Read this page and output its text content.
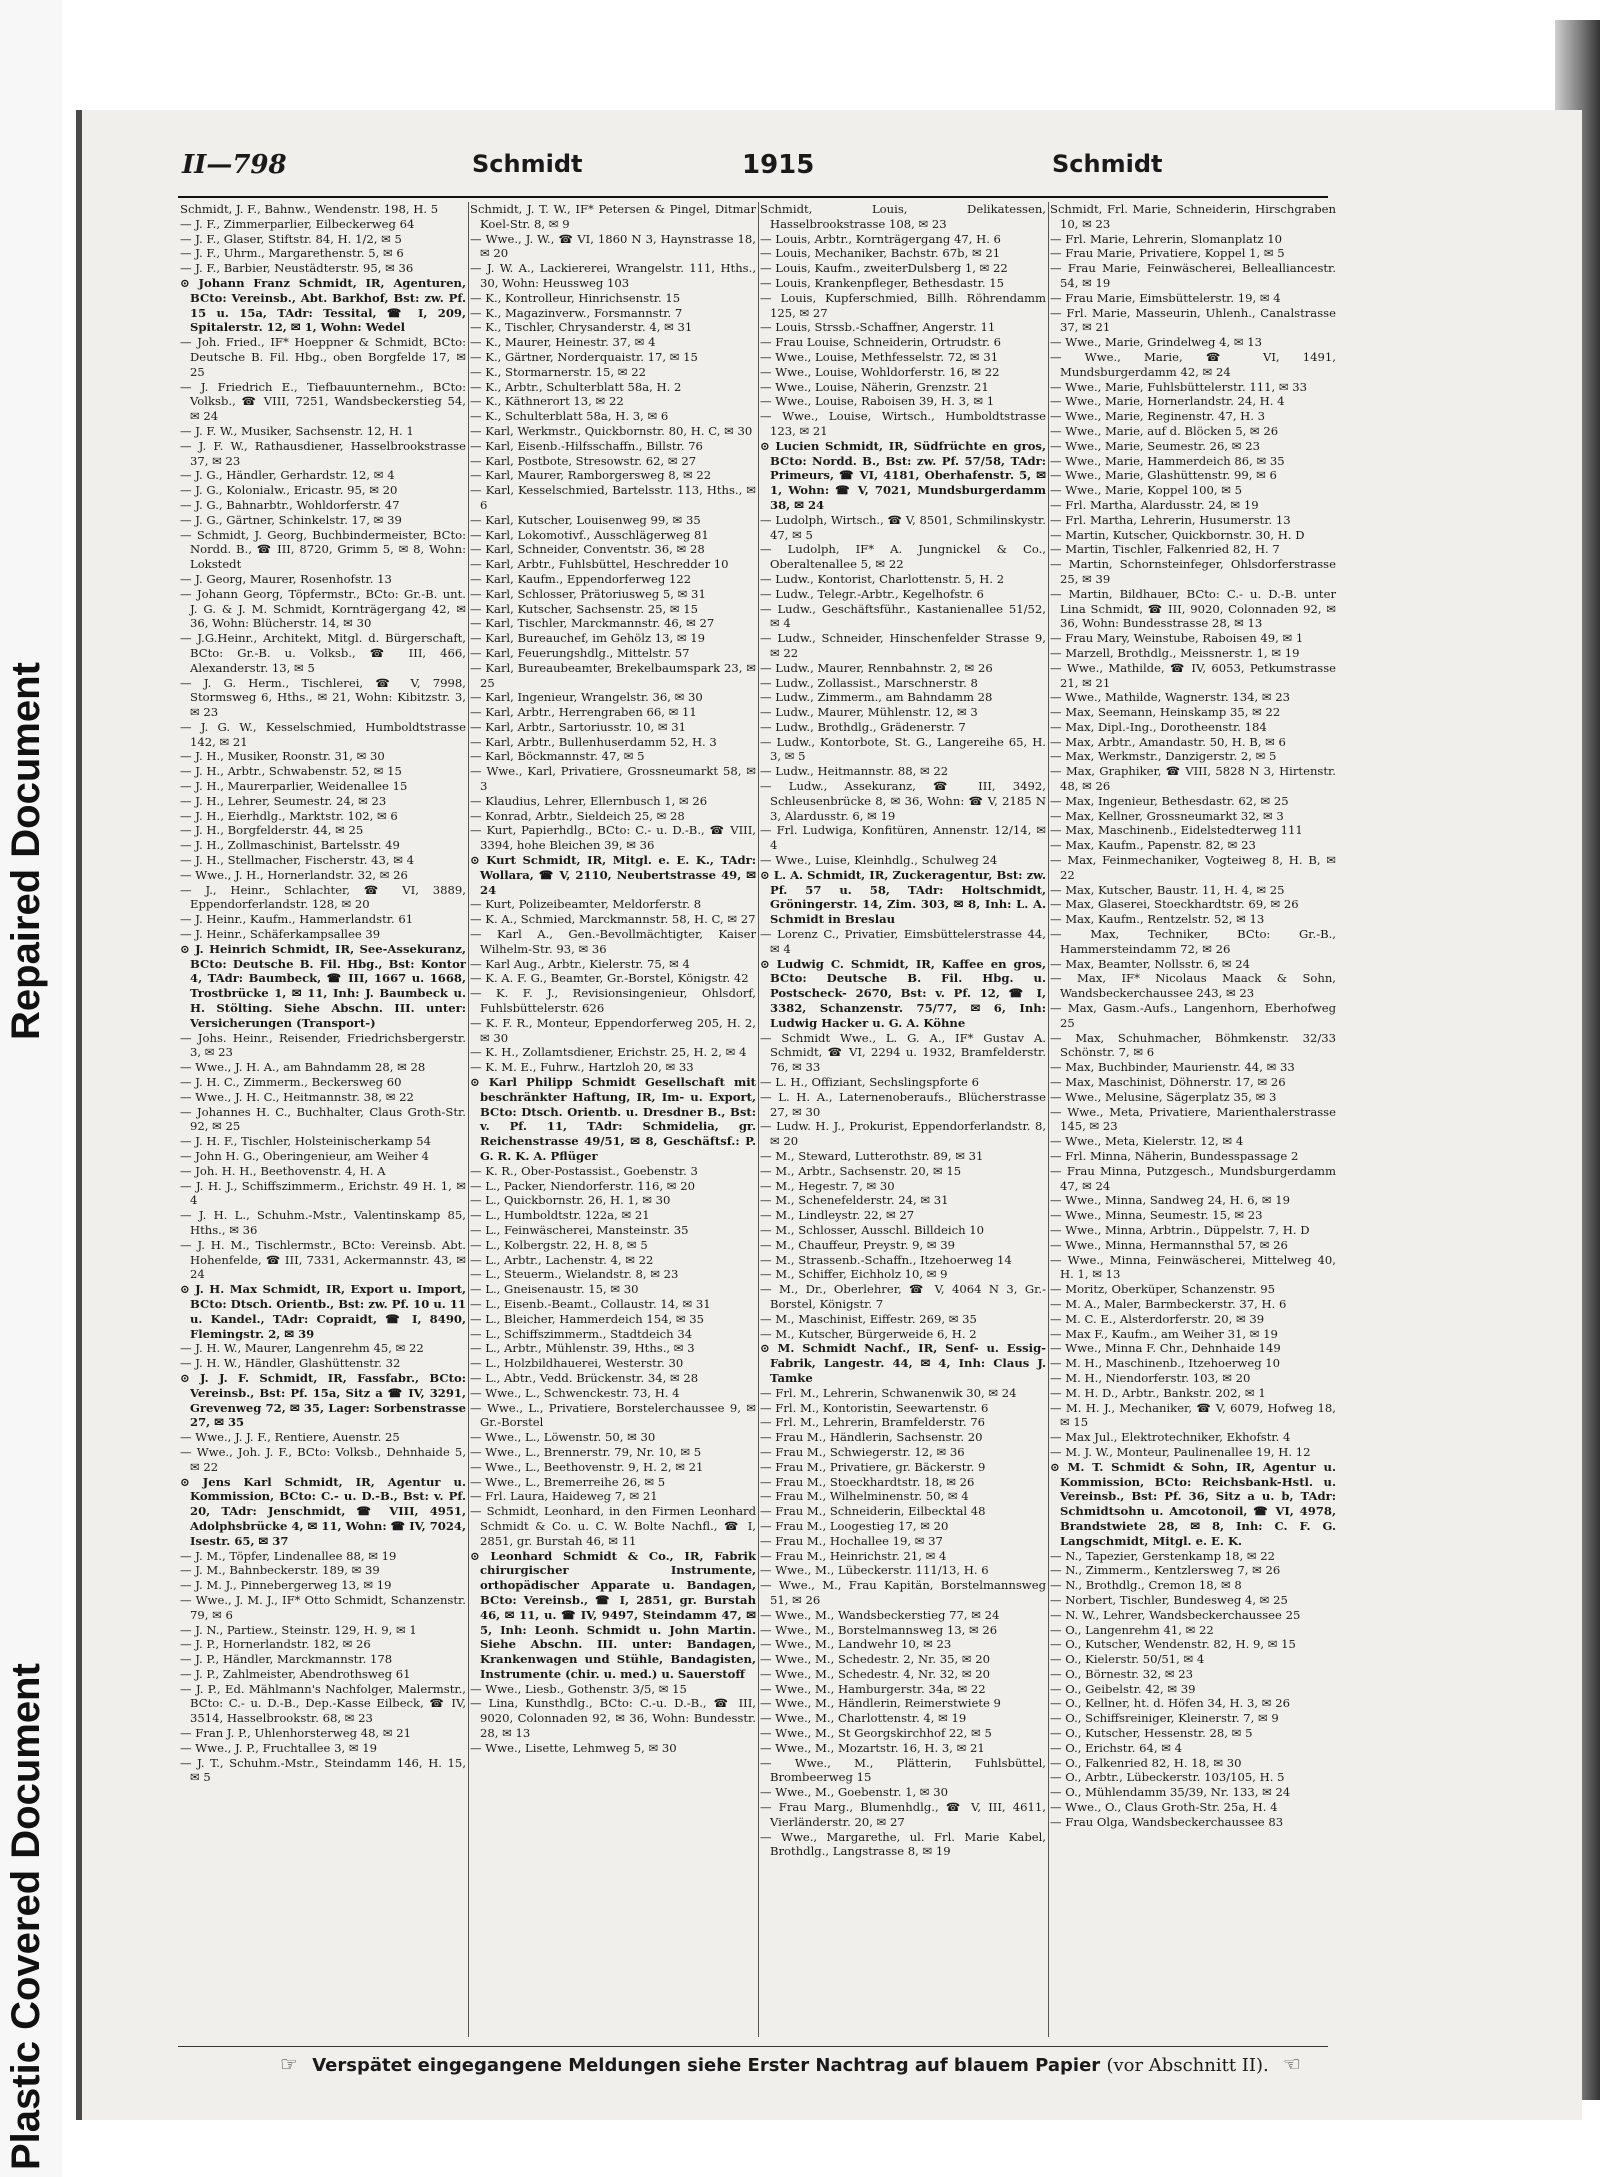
Repaired Document
Plastic Covered Document
II—798	Schmidt	1915	Schmidt

Schmidt, J. F., Bahnw., Wendenstr. 198, H. 5

— J. F., Zimmerparlier, Eilbeckerweg 64

— J. F., Glaser, Stiftstr. 84, H. 1/2, ✉ 5

— J. F., Uhrm., Margarethenstr. 5, ✉ 6

— J. F., Barbier, Neustädterstr. 95, ✉ 36

⊙ Johann Franz Schmidt, IR, Agenturen, BCto: Vereinsb., Abt. Barkhof, Bst: zw. Pf. 15 u. 15a, TAdr: Tessital, ☎ I, 209, Spitalerstr. 12, ✉ 1, Wohn: Wedel

— Joh. Fried., IF* Hoeppner & Schmidt, BCto: Deutsche B. Fil. Hbg., oben Borgfelde 17, ✉ 25

— J. Friedrich E., Tiefbauunternehm., BCto: Volksb., ☎ VIII, 7251, Wandsbeckerstieg 54, ✉ 24

— J. F. W., Musiker, Sachsenstr. 12, H. 1

— J. F. W., Rathausdiener, Hasselbrookstrasse 37, ✉ 23

— J. G., Händler, Gerhardstr. 12, ✉ 4

— J. G., Kolonialw., Ericastr. 95, ✉ 20

— J. G., Bahnarbtr., Wohldorferstr. 47

— J. G., Gärtner, Schinkelstr. 17, ✉ 39

— Schmidt, J. Georg, Buchbindermeister, BCto: Nordd. B., ☎ III, 8720, Grimm 5, ✉ 8, Wohn: Lokstedt

— J. Georg, Maurer, Rosenhofstr. 13

— Johann Georg, Töpfermstr., BCto: Gr.-B. unt. J. G. & J. M. Schmidt, Kornträgergang 42, ✉ 36, Wohn: Blücherstr. 14, ✉ 30

— J.G.Heinr., Architekt, Mitgl. d. Bürgerschaft, BCto: Gr.-B. u. Volksb., ☎ III, 466, Alexanderstr. 13, ✉ 5

— J. G. Herm., Tischlerei, ☎ V, 7998, Stormsweg 6, Hths., ✉ 21, Wohn: Kibitzstr. 3, ✉ 23

— J. G. W., Kesselschmied, Humboldtstrasse 142, ✉ 21

— J. H., Musiker, Roonstr. 31, ✉ 30

— J. H., Arbtr., Schwabenstr. 52, ✉ 15

— J. H., Maurerparlier, Weidenallee 15

— J. H., Lehrer, Seumestr. 24, ✉ 23

— J. H., Eierhdlg., Marktstr. 102, ✉ 6

— J. H., Borgfelderstr. 44, ✉ 25

— J. H., Zollmaschinist, Bartelsstr. 49

— J. H., Stellmacher, Fischerstr. 43, ✉ 4

— Wwe., J. H., Hornerlandstr. 32, ✉ 26

— J., Heinr., Schlachter, ☎ VI, 3889, Eppendorferlandstr. 128, ✉ 20

— J. Heinr., Kaufm., Hammerlandstr. 61

— J. Heinr., Schäferkampsallee 39

⊙ J. Heinrich Schmidt, IR, See-Assekuranz, BCto: Deutsche B. Fil. Hbg., Bst: Kontor 4, TAdr: Baumbeck, ☎ III, 1667 u. 1668, Trostbrücke 1, ✉ 11, Inh: J. Baumbeck u. H. Stölting. Siehe Abschn. III. unter: Versicherungen (Transport-)

— Johs. Heinr., Reisender, Friedrichsbergerstr. 3, ✉ 23

— Wwe., J. H. A., am Bahndamm 28, ✉ 28

— J. H. C., Zimmerm., Beckersweg 60

— Wwe., J. H. C., Heitmannstr. 38, ✉ 22

— Johannes H. C., Buchhalter, Claus Groth-Str. 92, ✉ 25

— J. H. F., Tischler, Holsteinischerkamp 54

— John H. G., Oberingenieur, am Weiher 4

— Joh. H. H., Beethovenstr. 4, H. A

— J. H. J., Schiffszimmerm., Erichstr. 49 H. 1, ✉ 4

— J. H. L., Schuhm.-Mstr., Valentinskamp 85, Hths., ✉ 36

— J. H. M., Tischlermstr., BCto: Vereinsb. Abt. Hohenfelde, ☎ III, 7331, Ackermannstr. 43, ✉ 24

⊙ J. H. Max Schmidt, IR, Export u. Import, BCto: Dtsch. Orientb., Bst: zw. Pf. 10 u. 11 u. Kandel., TAdr: Copraidt, ☎ I, 8490, Flemingstr. 2, ✉ 39

— J. H. W., Maurer, Langenrehm 45, ✉ 22

— J. H. W., Händler, Glashüttenstr. 32

⊙ J. J. F. Schmidt, IR, Fassfabr., BCto: Vereinsb., Bst: Pf. 15a, Sitz a ☎ IV, 3291, Grevenweg 72, ✉ 35, Lager: Sorbenstrasse 27, ✉ 35

— Wwe., J. J. F., Rentiere, Auenstr. 25

— Wwe., Joh. J. F., BCto: Volksb., Dehnhaide 5, ✉ 22

⊙ Jens Karl Schmidt, IR, Agentur u. Kommission, BCto: C.- u. D.-B., Bst: v. Pf. 20, TAdr: Jenschmidt, ☎ VIII, 4951, Adolphsbrücke 4, ✉ 11, Wohn: ☎ IV, 7024, Isestr. 65, ✉ 37

— J. M., Töpfer, Lindenallee 88, ✉ 19

— J. M., Bahnbeckerstr. 189, ✉ 39

— J. M. J., Pinnebergerweg 13, ✉ 19

— Wwe., J. M. J., IF* Otto Schmidt, Schanzenstr. 79, ✉ 6

— J. N., Partiew., Steinstr. 129, H. 9, ✉ 1

— J. P., Hornerlandstr. 182, ✉ 26

— J. P., Händler, Marckmannstr. 178

— J. P., Zahlmeister, Abendrothsweg 61

— J. P., Ed. Mählmann's Nachfolger, Malermstr., BCto: C.- u. D.-B., Dep.-Kasse Eilbeck, ☎ IV, 3514, Hasselbrookstr. 68, ✉ 23

— Fran J. P., Uhlenhorsterweg 48, ✉ 21

— Wwe., J. P., Fruchtallee 3, ✉ 19

— J. T., Schuhm.-Mstr., Steindamm 146, H. 15, ✉ 5

Schmidt, J. T. W., IF* Petersen & Pingel, Ditmar Koel-Str. 8, ✉ 9

— Wwe., J. W., ☎ VI, 1860 N 3, Haynstrasse 18, ✉ 20

— J. W. A., Lackiererei, Wrangelstr. 111, Hths., 30, Wohn: Heussweg 103

— K., Kontrolleur, Hinrichsenstr. 15

— K., Magazinverw., Forsmannstr. 7

— K., Tischler, Chrysanderstr. 4, ✉ 31

— K., Maurer, Heinestr. 37, ✉ 4

— K., Gärtner, Norderquaistr. 17, ✉ 15

— K., Stormarnerstr. 15, ✉ 22

— K., Arbtr., Schulterblatt 58a, H. 2

— K., Käthnerort 13, ✉ 22

— K., Schulterblatt 58a, H. 3, ✉ 6

— Karl, Werkmstr., Quickbornstr. 80, H. C, ✉ 30

— Karl, Eisenb.-Hilfsschaffn., Billstr. 76

— Karl, Postbote, Stresowstr. 62, ✉ 27

— Karl, Maurer, Ramborgersweg 8, ✉ 22

— Karl, Kesselschmied, Bartelsstr. 113, Hths., ✉ 6

— Karl, Kutscher, Louisenweg 99, ✉ 35

— Karl, Lokomotivf., Ausschlägerweg 81

— Karl, Schneider, Conventstr. 36, ✉ 28

— Karl, Arbtr., Fuhlsbüttel, Heschredder 10

— Karl, Kaufm., Eppendorferweg 122

— Karl, Schlosser, Prätoriusweg 5, ✉ 31

— Karl, Kutscher, Sachsenstr. 25, ✉ 15

— Karl, Tischler, Marckmannstr. 46, ✉ 27

— Karl, Bureauchef, im Gehölz 13, ✉ 19

— Karl, Feuerungshdlg., Mittelstr. 57

— Karl, Bureaubeamter, Brekelbaumspark 23, ✉ 25

— Karl, Ingenieur, Wrangelstr. 36, ✉ 30

— Karl, Arbtr., Herrengraben 66, ✉ 11

— Karl, Arbtr., Sartoriusstr. 10, ✉ 31

— Karl, Arbtr., Bullenhuserdamm 52, H. 3

— Karl, Böckmannstr. 47, ✉ 5

— Wwe., Karl, Privatiere, Grossneumarkt 58, ✉ 3

— Klaudius, Lehrer, Ellernbusch 1, ✉ 26

— Konrad, Arbtr., Sieldeich 25, ✉ 28

— Kurt, Papierhdlg., BCto: C.- u. D.-B., ☎ VIII, 3394, hohe Bleichen 39, ✉ 36

⊙ Kurt Schmidt, IR, Mitgl. e. E. K., TAdr: Wollara, ☎ V, 2110, Neubertstrasse 49, ✉ 24

— Kurt, Polizeibeamter, Meldorferstr. 8

— K. A., Schmied, Marckmannstr. 58, H. C, ✉ 27

— Karl A., Gen.-Bevollmächtigter, Kaiser Wilhelm-Str. 93, ✉ 36

— Karl Aug., Arbtr., Kielerstr. 75, ✉ 4

— K. A. F. G., Beamter, Gr.-Borstel, Königstr. 42

— K. F. J., Revisionsingenieur, Ohlsdorf, Fuhlsbüttelerstr. 626

— K. F. R., Monteur, Eppendorferweg 205, H. 2, ✉ 30

— K. H., Zollamtsdiener, Erichstr. 25, H. 2, ✉ 4

— K. M. E., Fuhrw., Hartzloh 20, ✉ 33

⊙ Karl Philipp Schmidt Gesellschaft mit beschränkter Haftung, IR, Im- u. Export, BCto: Dtsch. Orientb. u. Dresdner B., Bst: v. Pf. 11, TAdr: Schmidelia, gr. Reichenstrasse 49/51, ✉ 8, Geschäftsf.: P. G. R. K. A. Pflüger

— K. R., Ober-Postassist., Goebenstr. 3

— L., Packer, Niendorferstr. 116, ✉ 20

— L., Quickbornstr. 26, H. 1, ✉ 30

— L., Humboldtstr. 122a, ✉ 21

— L., Feinwäscherei, Mansteinstr. 35

— L., Kolbergstr. 22, H. 8, ✉ 5

— L., Arbtr., Lachenstr. 4, ✉ 22

— L., Steuerm., Wielandstr. 8, ✉ 23

— L., Gneisenaustr. 15, ✉ 30

— L., Eisenb.-Beamt., Collaustr. 14, ✉ 31

— L., Bleicher, Hammerdeich 154, ✉ 35

— L., Schiffszimmerm., Stadtdeich 34

— L., Arbtr., Mühlenstr. 39, Hths., ✉ 3

— L., Holzbildhauerei, Westerstr. 30

— L., Abtr., Vedd. Brückenstr. 34, ✉ 28

— Wwe., L., Schwenckestr. 73, H. 4

— Wwe., L., Privatiere, Borstelerchaussee 9, ✉ Gr.-Borstel

— Wwe., L., Löwenstr. 50, ✉ 30

— Wwe., L., Brennerstr. 79, Nr. 10, ✉ 5

— Wwe., L., Beethovenstr. 9, H. 2, ✉ 21

— Wwe., L., Bremerreihe 26, ✉ 5

— Frl. Laura, Haideweg 7, ✉ 21

— Schmidt, Leonhard, in den Firmen Leonhard Schmidt & Co. u. C. W. Bolte Nachfl., ☎ I, 2851, gr. Burstah 46, ✉ 11

⊙ Leonhard Schmidt & Co., IR, Fabrik chirurgischer Instrumente, orthopädischer Apparate u. Bandagen, BCto: Vereinsb., ☎ I, 2851, gr. Burstah 46, ✉ 11, u. ☎ IV, 9497, Steindamm 47, ✉ 5, Inh: Leonh. Schmidt u. John Martin. Siehe Abschn. III. unter: Bandagen, Krankenwagen und Stühle, Bandagisten, Instrumente (chir. u. med.) u. Sauerstoff

— Wwe., Liesb., Gothenstr. 3/5, ✉ 15

— Lina, Kunsthdlg., BCto: C.-u. D.-B., ☎ III, 9020, Colonnaden 92, ✉ 36, Wohn: Bundesstr. 28, ✉ 13

— Wwe., Lisette, Lehmweg 5, ✉ 30

Schmidt, Louis, Delikatessen, Hasselbrookstrasse 108, ✉ 23

— Louis, Arbtr., Kornträgergang 47, H. 6

— Louis, Mechaniker, Bachstr. 67b, ✉ 21

— Louis, Kaufm., zweiterDulsberg 1, ✉ 22

— Louis, Krankenpfleger, Bethesdastr. 15

— Louis, Kupferschmied, Billh. Röhrendamm 125, ✉ 27

— Louis, Strssb.-Schaffner, Angerstr. 11

— Frau Louise, Schneiderin, Ortrudstr. 6

— Wwe., Louise, Methfesselstr. 72, ✉ 31

— Wwe., Louise, Wohldorferstr. 16, ✉ 22

— Wwe., Louise, Näherin, Grenzstr. 21

— Wwe., Louise, Raboisen 39, H. 3, ✉ 1

— Wwe., Louise, Wirtsch., Humboldtstrasse 123, ✉ 21

⊙ Lucien Schmidt, IR, Südfrüchte en gros, BCto: Nordd. B., Bst: zw. Pf. 57/58, TAdr: Primeurs, ☎ VI, 4181, Oberhafenstr. 5, ✉ 1, Wohn: ☎ V, 7021, Mundsburgerdamm 38, ✉ 24

— Ludolph, Wirtsch., ☎ V, 8501, Schmilinskystr. 47, ✉ 5

— Ludolph, IF* A. Jungnickel & Co., Oberaltenallee 5, ✉ 22

— Ludw., Kontorist, Charlottenstr. 5, H. 2

— Ludw., Telegr.-Arbtr., Kegelhofstr. 6

— Ludw., Geschäftsführ., Kastanienallee 51/52, ✉ 4

— Ludw., Schneider, Hinschenfelder Strasse 9, ✉ 22

— Ludw., Maurer, Rennbahnstr. 2, ✉ 26

— Ludw., Zollassist., Marschnerstr. 8

— Ludw., Zimmerm., am Bahndamm 28

— Ludw., Maurer, Mühlenstr. 12, ✉ 3

— Ludw., Brothdlg., Grädenerstr. 7

— Ludw., Kontorbote, St. G., Langereihe 65, H. 3, ✉ 5

— Ludw., Heitmannstr. 88, ✉ 22

— Ludw., Assekuranz, ☎ III, 3492, Schleusenbrücke 8, ✉ 36, Wohn: ☎ V, 2185 N 3, Alardusstr. 6, ✉ 19

— Frl. Ludwiga, Konfitüren, Annenstr. 12/14, ✉ 4

— Wwe., Luise, Kleinhdlg., Schulweg 24

⊙ L. A. Schmidt, IR, Zuckeragentur, Bst: zw. Pf. 57 u. 58, TAdr: Holtschmidt, Gröningerstr. 14, Zim. 303, ✉ 8, Inh: L. A. Schmidt in Breslau

— Lorenz C., Privatier, Eimsbüttelerstrasse 44, ✉ 4

⊙ Ludwig C. Schmidt, IR, Kaffee en gros, BCto: Deutsche B. Fil. Hbg. u. Postscheck- 2670, Bst: v. Pf. 12, ☎ I, 3382, Schanzenstr. 75/77, ✉ 6, Inh: Ludwig Hacker u. G. A. Köhne

— Schmidt Wwe., L. G. A., IF* Gustav A. Schmidt, ☎ VI, 2294 u. 1932, Bramfelderstr. 76, ✉ 33

— L. H., Offiziant, Sechslingspforte 6

— L. H. A., Laternenoberaufs., Blücherstrasse 27, ✉ 30

— Ludw. H. J., Prokurist, Eppendorferlandstr. 8, ✉ 20

— M., Steward, Lutterothstr. 89, ✉ 31

— M., Arbtr., Sachsenstr. 20, ✉ 15

— M., Hegestr. 7, ✉ 30

— M., Schenefelderstr. 24, ✉ 31

— M., Lindleystr. 22, ✉ 27

— M., Schlosser, Ausschl. Billdeich 10

— M., Chauffeur, Preystr. 9, ✉ 39

— M., Strassenb.-Schaffn., Itzehoerweg 14

— M., Schiffer, Eichholz 10, ✉ 9

— M., Dr., Oberlehrer, ☎ V, 4064 N 3, Gr.-Borstel, Königstr. 7

— M., Maschinist, Eiffestr. 269, ✉ 35

— M., Kutscher, Bürgerweide 6, H. 2

⊙ M. Schmidt Nachf., IR, Senf- u. Essig-Fabrik, Langestr. 44, ✉ 4, Inh: Claus J. Tamke

— Frl. M., Lehrerin, Schwanenwik 30, ✉ 24

— Frl. M., Kontoristin, Seewartenstr. 6

— Frl. M., Lehrerin, Bramfelderstr. 76

— Frau M., Händlerin, Sachsenstr. 20

— Frau M., Schwiegerstr. 12, ✉ 36

— Frau M., Privatiere, gr. Bäckerstr. 9

— Frau M., Stoeckhardtstr. 18, ✉ 26

— Frau M., Wilhelminenstr. 50, ✉ 4

— Frau M., Schneiderin, Eilbecktal 48

— Frau M., Loogestieg 17, ✉ 20

— Frau M., Hochallee 19, ✉ 37

— Frau M., Heinrichstr. 21, ✉ 4

— Wwe., M., Lübeckerstr. 111/13, H. 6

— Wwe., M., Frau Kapitän, Borstelmannsweg 51, ✉ 26

— Wwe., M., Wandsbeckerstieg 77, ✉ 24

— Wwe., M., Borstelmannsweg 13, ✉ 26

— Wwe., M., Landwehr 10, ✉ 23

— Wwe., M., Schedestr. 2, Nr. 35, ✉ 20

— Wwe., M., Schedestr. 4, Nr. 32, ✉ 20

— Wwe., M., Hamburgerstr. 34a, ✉ 22

— Wwe., M., Händlerin, Reimerstwiete 9

— Wwe., M., Charlottenstr. 4, ✉ 19

— Wwe., M., St Georgskirchhof 22, ✉ 5

— Wwe., M., Mozartstr. 16, H. 3, ✉ 21

— Wwe., M., Plätterin, Fuhlsbüttel, Brombeerweg 15

— Wwe., M., Goebenstr. 1, ✉ 30

— Frau Marg., Blumenhdlg., ☎ V, III, 4611, Vierländerstr. 20, ✉ 27

— Wwe., Margarethe, ul. Frl. Marie Kabel, Brothdlg., Langstrasse 8, ✉ 19

Schmidt, Frl. Marie, Schneiderin, Hirschgraben 10, ✉ 23

— Frl. Marie, Lehrerin, Slomanplatz 10

— Frau Marie, Privatiere, Koppel 1, ✉ 5

— Frau Marie, Feinwäscherei, Bellealliancestr. 54, ✉ 19

— Frau Marie, Eimsbüttelerstr. 19, ✉ 4

— Frl. Marie, Masseurin, Uhlenh., Canalstrasse 37, ✉ 21

— Wwe., Marie, Grindelweg 4, ✉ 13

— Wwe., Marie, ☎ VI, 1491, Mundsburgerdamm 42, ✉ 24

— Wwe., Marie, Fuhlsbüttelerstr. 111, ✉ 33

— Wwe., Marie, Hornerlandstr. 24, H. 4

— Wwe., Marie, Reginenstr. 47, H. 3

— Wwe., Marie, auf d. Blöcken 5, ✉ 26

— Wwe., Marie, Seumestr. 26, ✉ 23

— Wwe., Marie, Hammerdeich 86, ✉ 35

— Wwe., Marie, Glashüttenstr. 99, ✉ 6

— Wwe., Marie, Koppel 100, ✉ 5

— Frl. Martha, Alardusstr. 24, ✉ 19

— Frl. Martha, Lehrerin, Husumerstr. 13

— Martin, Kutscher, Quickbornstr. 30, H. D

— Martin, Tischler, Falkenried 82, H. 7

— Martin, Schornsteinfeger, Ohlsdorferstrasse 25, ✉ 39

— Martin, Bildhauer, BCto: C.- u. D.-B. unter Lina Schmidt, ☎ III, 9020, Colonnaden 92, ✉ 36, Wohn: Bundesstrasse 28, ✉ 13

— Frau Mary, Weinstube, Raboisen 49, ✉ 1

— Marzell, Brothdlg., Meissnerstr. 1, ✉ 19

— Wwe., Mathilde, ☎ IV, 6053, Petkumstrasse 21, ✉ 21

— Wwe., Mathilde, Wagnerstr. 134, ✉ 23

— Max, Seemann, Heinskamp 35, ✉ 22

— Max, Dipl.-Ing., Dorotheenstr. 184

— Max, Arbtr., Amandastr. 50, H. B, ✉ 6

— Max, Werkmstr., Danzigerstr. 2, ✉ 5

— Max, Graphiker, ☎ VIII, 5828 N 3, Hirtenstr. 48, ✉ 26

— Max, Ingenieur, Bethesdastr. 62, ✉ 25

— Max, Kellner, Grossneumarkt 32, ✉ 3

— Max, Maschinenb., Eidelstedterweg 111

— Max, Kaufm., Papenstr. 82, ✉ 23

— Max, Feinmechaniker, Vogteiweg 8, H. B, ✉ 22

— Max, Kutscher, Baustr. 11, H. 4, ✉ 25

— Max, Glaserei, Stoeckhardtstr. 69, ✉ 26

— Max, Kaufm., Rentzelstr. 52, ✉ 13

— Max, Techniker, BCto: Gr.-B., Hammersteindamm 72, ✉ 26

— Max, Beamter, Nollsstr. 6, ✉ 24

— Max, IF* Nicolaus Maack & Sohn, Wandsbeckerchaussee 243, ✉ 23

— Max, Gasm.-Aufs., Langenhorn, Eberhofweg 25

— Max, Schuhmacher, Böhmkenstr. 32/33 Schönstr. 7, ✉ 6

— Max, Buchbinder, Maurienstr. 44, ✉ 33

— Max, Maschinist, Döhnerstr. 17, ✉ 26

— Wwe., Melusine, Sägerplatz 35, ✉ 3

— Wwe., Meta, Privatiere, Marienthalerstrasse 145, ✉ 23

— Wwe., Meta, Kielerstr. 12, ✉ 4

— Frl. Minna, Näherin, Bundesspassage 2

— Frau Minna, Putzgesch., Mundsburgerdamm 47, ✉ 24

— Wwe., Minna, Sandweg 24, H. 6, ✉ 19

— Wwe., Minna, Seumestr. 15, ✉ 23

— Wwe., Minna, Arbtrin., Düppelstr. 7, H. D

— Wwe., Minna, Hermannsthal 57, ✉ 26

— Wwe., Minna, Feinwäscherei, Mittelweg 40, H. 1, ✉ 13

— Moritz, Oberküper, Schanzenstr. 95

— M. A., Maler, Barmbeckerstr. 37, H. 6

— M. C. E., Alsterdorferstr. 20, ✉ 39

— Max F., Kaufm., am Weiher 31, ✉ 19

— Wwe., Minna F. Chr., Dehnhaide 149

— M. H., Maschinenb., Itzehoerweg 10

— M. H., Niendorferstr. 103, ✉ 20

— M. H. D., Arbtr., Bankstr. 202, ✉ 1

— M. H. J., Mechaniker, ☎ V, 6079, Hofweg 18, ✉ 15

— Max Jul., Elektrotechniker, Ekhofstr. 4

— M. J. W., Monteur, Paulinenallee 19, H. 12

⊙ M. T. Schmidt & Sohn, IR, Agentur u. Kommission, BCto: Reichsbank-Hstl. u. Vereinsb., Bst: Pf. 36, Sitz a u. b, TAdr: Schmidtsohn u. Amcotonoil, ☎ VI, 4978, Brandstwiete 28, ✉ 8, Inh: C. F. G. Langschmidt, Mitgl. e. E. K.

— N., Tapezier, Gerstenkamp 18, ✉ 22

— N., Zimmerm., Kentzlersweg 7, ✉ 26

— N., Brothdlg., Cremon 18, ✉ 8

— Norbert, Tischler, Bundesweg 4, ✉ 25

— N. W., Lehrer, Wandsbeckerchaussee 25

— O., Langenrehm 41, ✉ 22

— O., Kutscher, Wendenstr. 82, H. 9, ✉ 15

— O., Kielerstr. 50/51, ✉ 4

— O., Börnestr. 32, ✉ 23

— O., Geibelstr. 42, ✉ 39

— O., Kellner, ht. d. Höfen 34, H. 3, ✉ 26

— O., Schiffsreiniger, Kleinerstr. 7, ✉ 9

— O., Kutscher, Hessenstr. 28, ✉ 5

— O., Erichstr. 64, ✉ 4

— O., Falkenried 82, H. 18, ✉ 30

— O., Arbtr., Lübeckerstr. 103/105, H. 5

— O., Mühlendamm 35/39, Nr. 133, ✉ 24

— Wwe., O., Claus Groth-Str. 25a, H. 4

— Frau Olga, Wandsbeckerchaussee 83

☞ Verspätet eingegangene Meldungen siehe Erster Nachtrag auf blauem Papier (vor Abschnitt II). ☜
